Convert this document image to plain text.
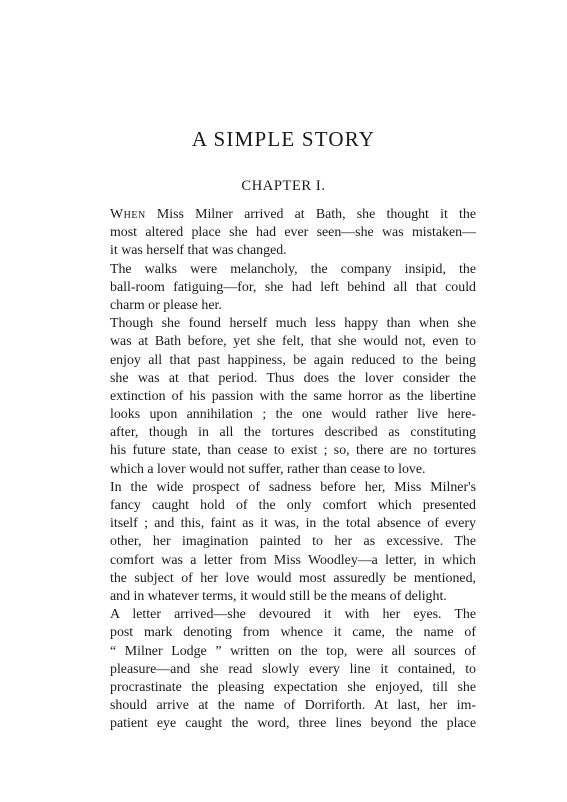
A SIMPLE STORY
CHAPTER I.
When Miss Milner arrived at Bath, she thought it the
most altered place she had ever seen—she was mistaken—
it was herself that was changed.
The walks were melancholy, the company insipid, the
ball-room fatiguing—for, she had left behind all that could
charm or please her.
Though she found herself much less happy than when she
was at Bath before, yet she felt, that she would not, even to
enjoy all that past happiness, be again reduced to the being
she was at that period. Thus does the lover consider the
extinction of his passion with the same horror as the libertine
looks upon annihilation ; the one would rather live here-
after, though in all the tortures described as constituting
his future state, than cease to exist ; so, there are no tortures
which a lover would not suffer, rather than cease to love.
In the wide prospect of sadness before her, Miss Milner's
fancy caught hold of the only comfort which presented
itself ; and this, faint as it was, in the total absence of every
other, her imagination painted to her as excessive. The
comfort was a letter from Miss Woodley—a letter, in which
the subject of her love would most assuredly be mentioned,
and in whatever terms, it would still be the means of delight.
A letter arrived—she devoured it with her eyes. The
post mark denoting from whence it came, the name of
“ Milner Lodge ” written on the top, were all sources of
pleasure—and she read slowly every line it contained, to
procrastinate the pleasing expectation she enjoyed, till she
should arrive at the name of Dorriforth. At last, her im-
patient eye caught the word, three lines beyond the place
